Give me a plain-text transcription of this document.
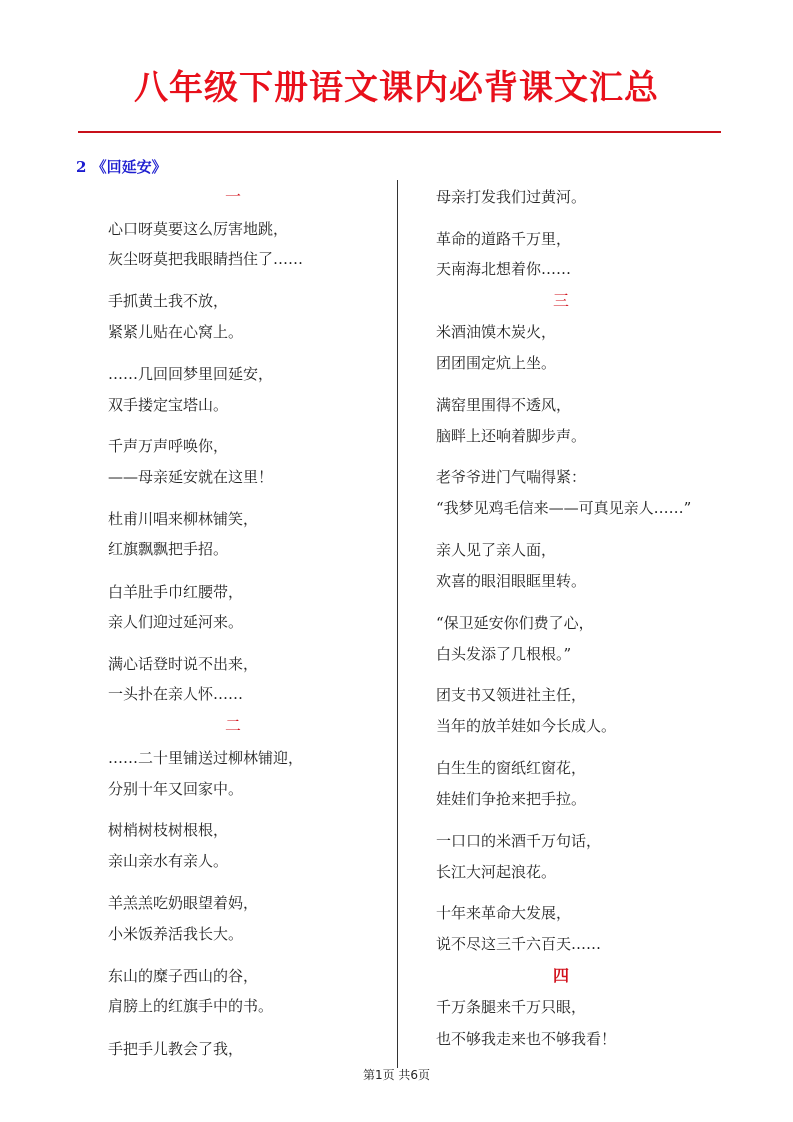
八年级下册语文课内必背课文汇总
2 《回延安》
一
心口呀莫要这么厉害地跳，
灰尘呀莫把我眼睛挡住了……
手抓黄土我不放，
紧紧儿贴在心窝上。
……几回回梦里回延安，
双手搂定宝塔山。
千声万声呼唤你，
——母亲延安就在这里！
杜甫川唱来柳林铺笑，
红旗飘飘把手招。
白羊肚手巾红腰带，
亲人们迎过延河来。
满心话登时说不出来，
一头扑在亲人怀……
二
……二十里铺送过柳林铺迎，
分别十年又回家中。
树梢树枝树根根，
亲山亲水有亲人。
羊羔羔吃奶眼望着妈，
小米饭养活我长大。
东山的糜子西山的谷，
肩膀上的红旗手中的书。
手把手儿教会了我，
母亲打发我们过黄河。
革命的道路千万里，
天南海北想着你……
三
米酒油馍木炭火，
团团围定炕上坐。
满窑里围得不透风，
脑畔上还响着脚步声。
老爷爷进门气喘得紧：
“我梦见鸡毛信来——可真见亲人……”
亲人见了亲人面，
欢喜的眼泪眼眶里转。
“保卫延安你们费了心，
白头发添了几根根。”
团支书又领进社主任，
当年的放羊娃如今长成人。
白生生的窗纸红窗花，
娃娃们争抢来把手拉。
一口口的米酒千万句话，
长江大河起浪花。
十年来革命大发展，
说不尽这三千六百天……
四
千万条腿来千万只眼，
也不够我走来也不够我看！
第1页 共6页
